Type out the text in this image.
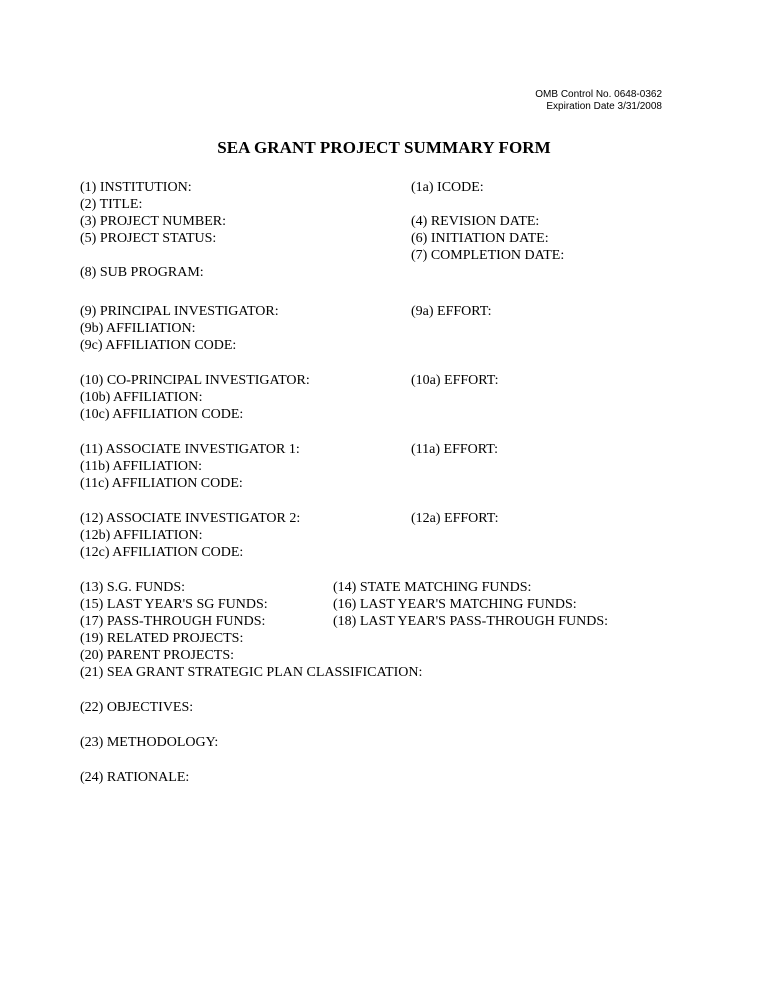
OMB Control No. 0648-0362
Expiration Date 3/31/2008
SEA GRANT PROJECT SUMMARY FORM
(1) INSTITUTION:
(2) TITLE:
(3) PROJECT NUMBER:
(5) PROJECT STATUS:
(1a) ICODE:
(4) REVISION DATE:
(6) INITIATION DATE:
(7) COMPLETION DATE:
(8) SUB PROGRAM:
(9) PRINCIPAL INVESTIGATOR:
(9b) AFFILIATION:
(9c) AFFILIATION CODE:
(9a) EFFORT:
(10) CO-PRINCIPAL INVESTIGATOR:
(10b) AFFILIATION:
(10c) AFFILIATION CODE:
(10a) EFFORT:
(11) ASSOCIATE INVESTIGATOR 1:
(11b) AFFILIATION:
(11c) AFFILIATION CODE:
(11a) EFFORT:
(12) ASSOCIATE INVESTIGATOR 2:
(12b) AFFILIATION:
(12c) AFFILIATION CODE:
(12a) EFFORT:
(13) S.G. FUNDS:
(15) LAST YEAR'S SG FUNDS:
(17) PASS-THROUGH FUNDS:
(14) STATE MATCHING FUNDS:
(16) LAST YEAR'S MATCHING FUNDS:
(18) LAST YEAR'S PASS-THROUGH FUNDS:
(19) RELATED PROJECTS:
(20) PARENT PROJECTS:
(21) SEA GRANT STRATEGIC PLAN CLASSIFICATION:
(22) OBJECTIVES:
(23) METHODOLOGY:
(24) RATIONALE:
